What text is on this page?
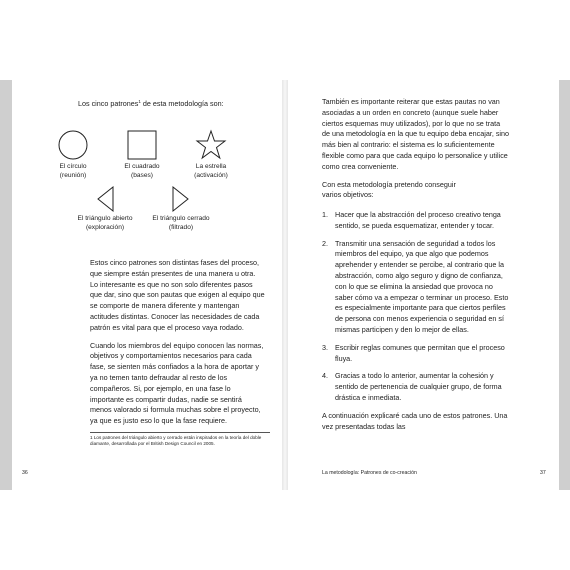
Los cinco patrones$^1$ de esta metodología son:
El círculo
(reunión)
El cuadrado
(bases)
La estrella
(activación)
El triángulo abierto
(exploración)
El triángulo cerrado
(filtrado)

Estos cinco patrones son distintas fases del proceso, que siempre están presentes de una manera u otra. Lo interesante es que no son solo diferentes pasos que dar, sino que son pautas que exigen al equipo que se comporte de manera diferente y mantengan actitudes distintas. Conocer las necesidades de cada patrón es vital para que el proceso vaya rodado.

Cuando los miembros del equipo conocen las normas, objetivos y comportamientos necesarios para cada fase, se sienten más confiados a la hora de aportar y ya no temen tanto defraudar al resto de los compañeros. Si, por ejemplo, en una fase lo importante es compartir dudas, nadie se sentirá menos valorado si formula muchas sobre el proyecto, ya que es justo eso lo que la fase requiere.

1 Los patrones del triángulo abierto y cerrado están inspirados en la teoría del doble diamante, desarrollada por el British Design Council en 2005.
36

También es importante reiterar que estas pautas no van asociadas a un orden en concreto (aunque suele haber ciertos esquemas muy utilizados), por lo que no se trata de una metodología en la que tu equipo deba encajar, sino más bien al contrario: el sistema es lo suficientemente flexible como para que cada equipo lo personalice y utilice como crea conveniente.

Con esta metodología pretendo conseguir varios objetivos:

1. Hacer que la abstracción del proceso creativo tenga sentido, se pueda esquematizar, entender y tocar.
2. Transmitir una sensación de seguridad a todos los miembros del equipo, ya que algo que podemos aprehender y entender se percibe, al contrario que la abstracción, como algo seguro y digno de confianza, con lo que se elimina la ansiedad que provoca no saber cómo va a empezar o terminar un proceso. Esto es especialmente importante para que ciertos perfiles de persona con menos experiencia o seguridad en sí mismas participen y den lo mejor de ellas.
3. Escribir reglas comunes que permitan que el proceso fluya.
4. Gracias a todo lo anterior, aumentar la cohesión y sentido de pertenencia de cualquier grupo, de forma drástica e inmediata.

A continuación explicaré cada uno de estos patrones. Una vez presentadas todas las

La metodología: Patrones de co-creación	37
